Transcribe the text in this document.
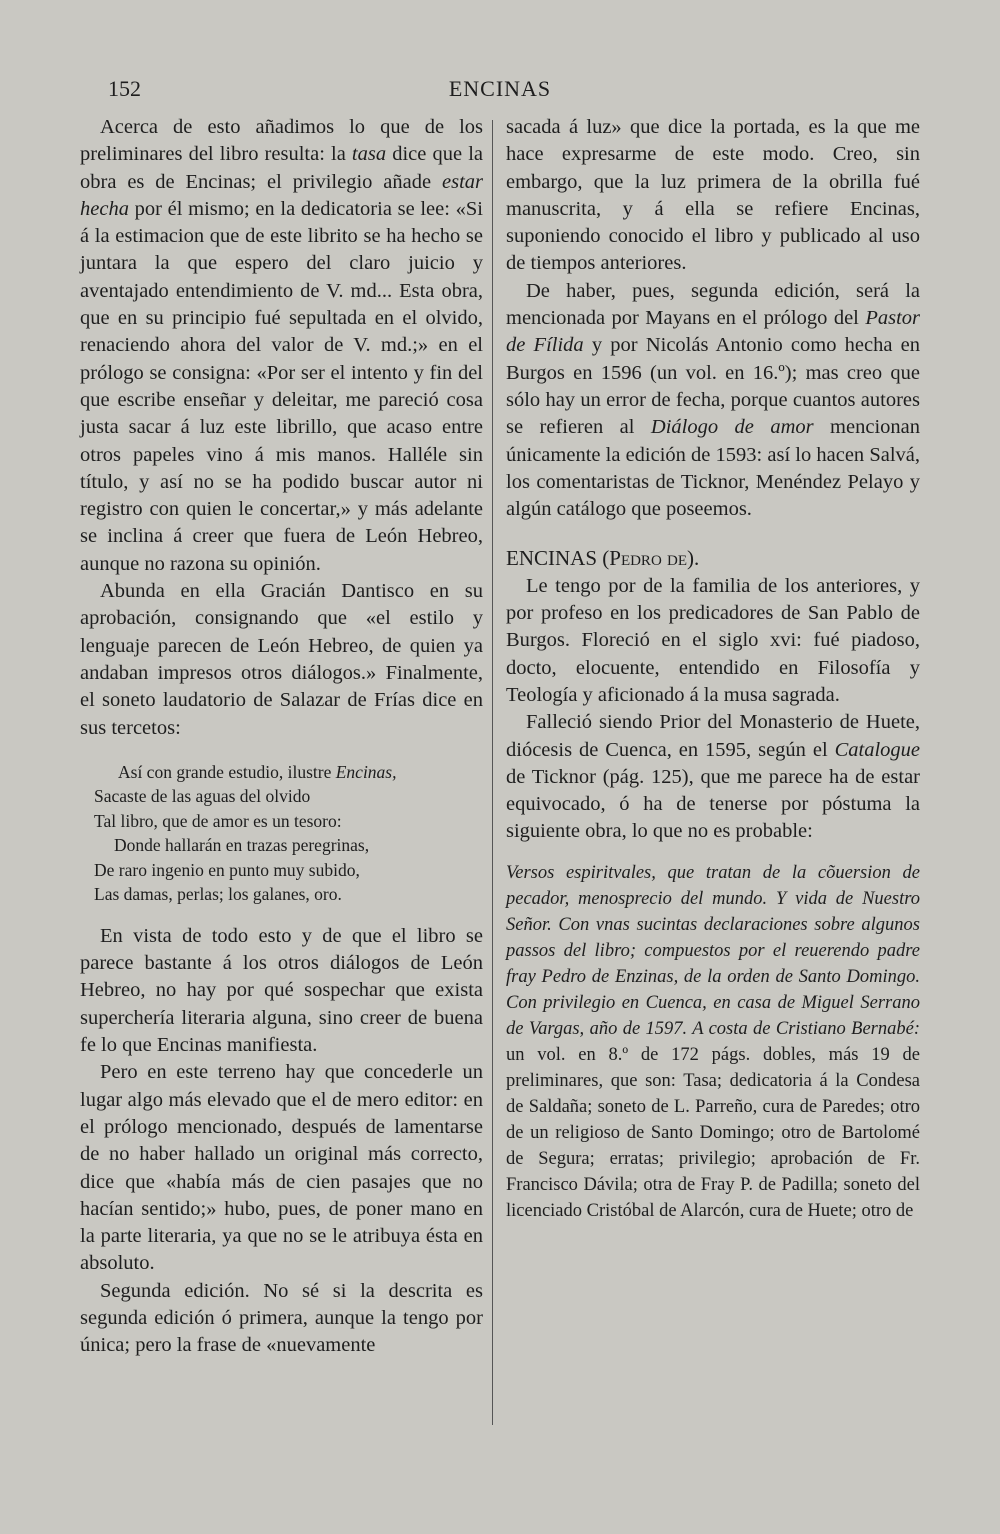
152	ENCINAS

Acerca de esto añadimos lo que de los preliminares del libro resulta: la tasa dice que la obra es de Encinas; el privilegio añade estar hecha por él mismo; en la dedicatoria se lee: «Si á la estimacion que de este librito se ha hecho se juntara la que espero del claro juicio y aventajado entendimiento de V. md... Esta obra, que en su principio fué sepultada en el olvido, renaciendo ahora del valor de V. md.;» en el prólogo se consigna: «Por ser el intento y fin del que escribe enseñar y deleitar, me pareció cosa justa sacar á luz este librillo, que acaso entre otros papeles vino á mis manos. Halléle sin título, y así no se ha podido buscar autor ni registro con quien le concertar,» y más adelante se inclina á creer que fuera de León Hebreo, aunque no razona su opinión.

Abunda en ella Gracián Dantisco en su aprobación, consignando que «el estilo y lenguaje parecen de León Hebreo, de quien ya andaban impresos otros diálogos.» Finalmente, el soneto laudatorio de Salazar de Frías dice en sus tercetos:

Así con grande estudio, ilustre Encinas,
Sacaste de las aguas del olvido
Tal libro, que de amor es un tesoro:
Donde hallarán en trazas peregrinas,
De raro ingenio en punto muy subido,
Las damas, perlas; los galanes, oro.

En vista de todo esto y de que el libro se parece bastante á los otros diálogos de León Hebreo, no hay por qué sospechar que exista superchería literaria alguna, sino creer de buena fe lo que Encinas manifiesta.

Pero en este terreno hay que concederle un lugar algo más elevado que el de mero editor: en el prólogo mencionado, después de lamentarse de no haber hallado un original más correcto, dice que «había más de cien pasajes que no hacían sentido;» hubo, pues, de poner mano en la parte literaria, ya que no se le atribuya ésta en absoluto.

Segunda edición. No sé si la descrita es segunda edición ó primera, aunque la tengo por única; pero la frase de «nuevamente

sacada á luz» que dice la portada, es la que me hace expresarme de este modo. Creo, sin embargo, que la luz primera de la obrilla fué manuscrita, y á ella se refiere Encinas, suponiendo conocido el libro y publicado al uso de tiempos anteriores.

De haber, pues, segunda edición, será la mencionada por Mayans en el prólogo del Pastor de Fílida y por Nicolás Antonio como hecha en Burgos en 1596 (un vol. en 16.º); mas creo que sólo hay un error de fecha, porque cuantos autores se refieren al Diálogo de amor mencionan únicamente la edición de 1593: así lo hacen Salvá, los comentaristas de Ticknor, Menéndez Pelayo y algún catálogo que poseemos.

ENCINAS (Pedro de).

Le tengo por de la familia de los anteriores, y por profeso en los predicadores de San Pablo de Burgos. Floreció en el siglo xvi: fué piadoso, docto, elocuente, entendido en Filosofía y Teología y aficionado á la musa sagrada.

Falleció siendo Prior del Monasterio de Huete, diócesis de Cuenca, en 1595, según el Catalogue de Ticknor (pág. 125), que me parece ha de estar equivocado, ó ha de tenerse por póstuma la siguiente obra, lo que no es probable:

Versos espiritvales, que tratan de la cõuersion de pecador, menosprecio del mundo. Y vida de Nuestro Señor. Con vnas sucintas declaraciones sobre algunos passos del libro; compuestos por el reuerendo padre fray Pedro de Enzinas, de la orden de Santo Domingo. Con privilegio en Cuenca, en casa de Miguel Serrano de Vargas, año de 1597. A costa de Cristiano Bernabé: un vol. en 8.º de 172 págs. dobles, más 19 de preliminares, que son: Tasa; dedicatoria á la Condesa de Saldaña; soneto de L. Parreño, cura de Paredes; otro de un religioso de Santo Domingo; otro de Bartolomé de Segura; erratas; privilegio; aprobación de Fr. Francisco Dávila; otra de Fray P. de Padilla; soneto del licenciado Cristóbal de Alarcón, cura de Huete; otro de
